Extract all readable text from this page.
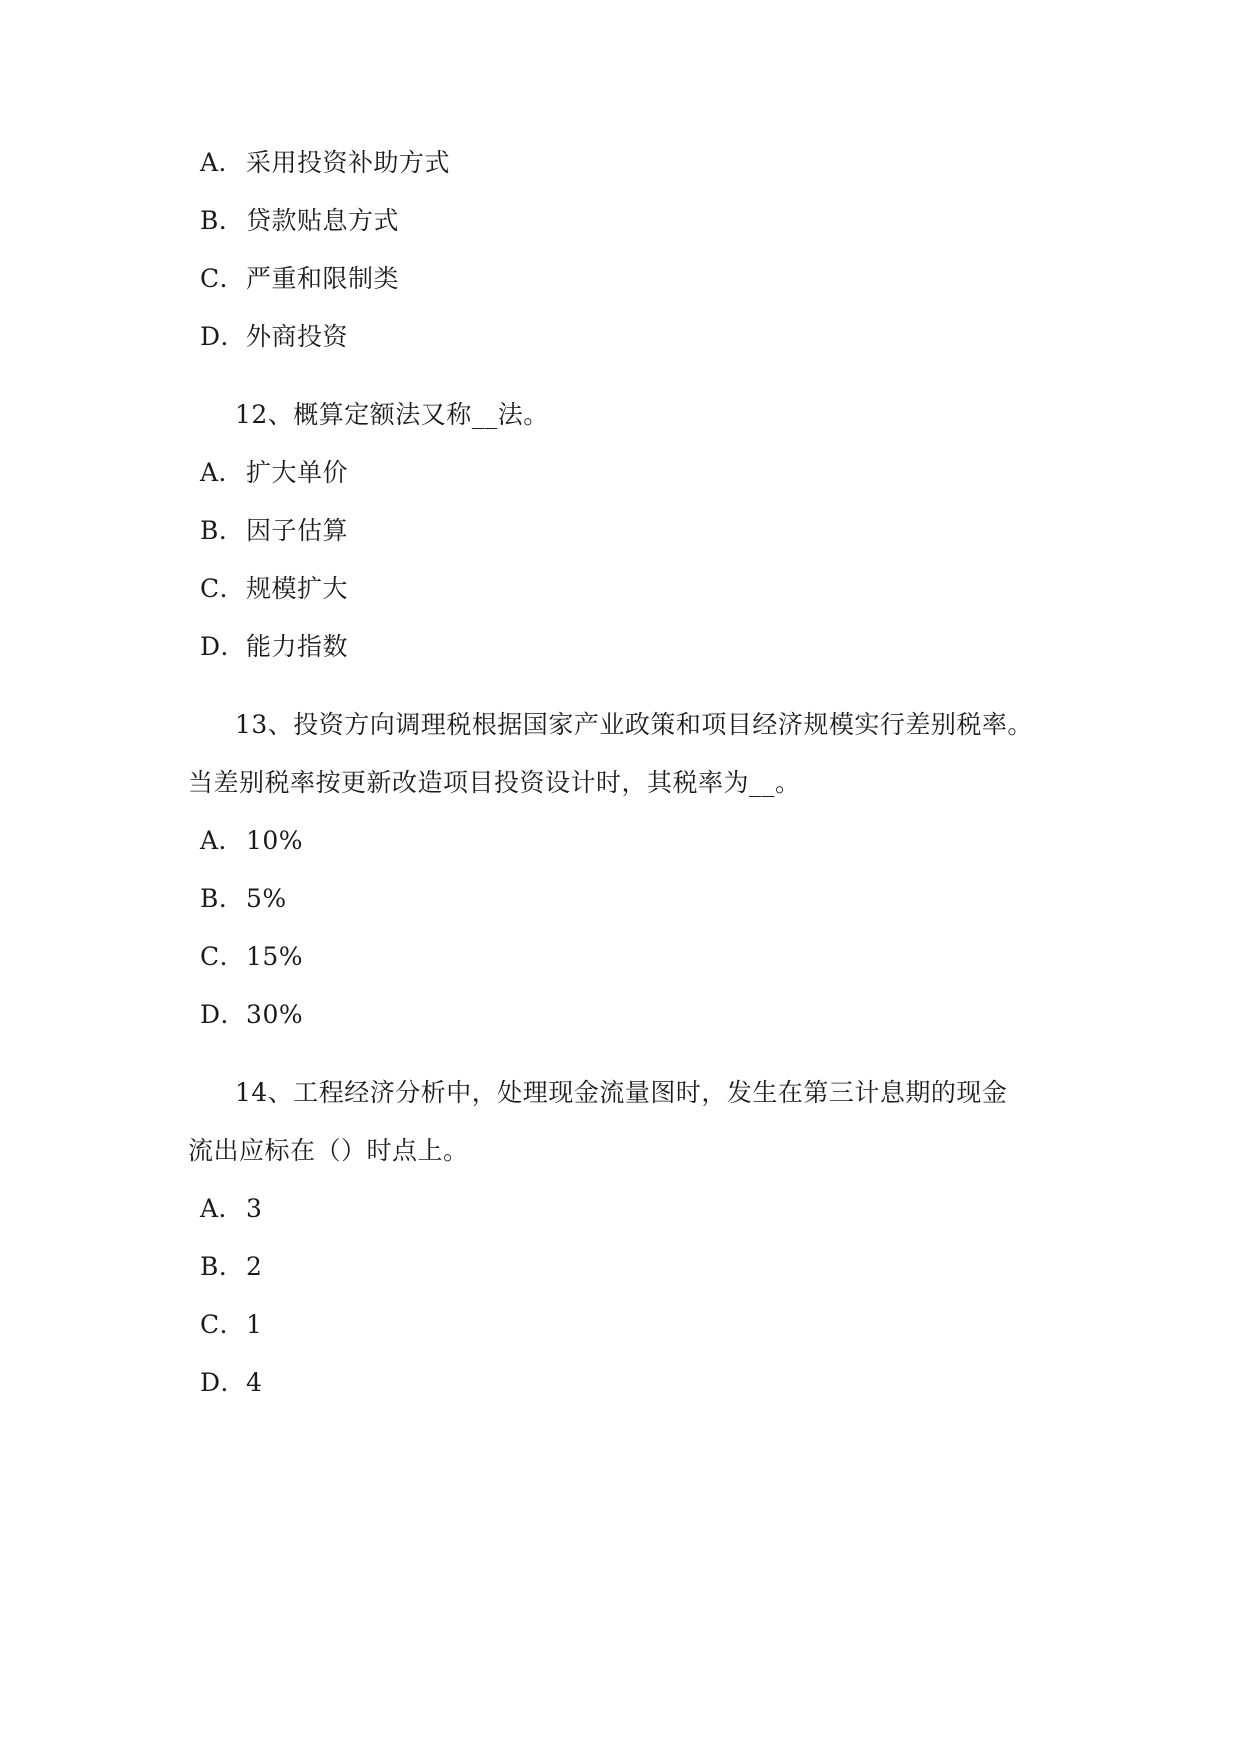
A．采用投资补助方式
B．贷款贴息方式
C．严重和限制类
D．外商投资
12、概算定额法又称__法。
A．扩大单价
B．因子估算
C．规模扩大
D．能力指数
13、投资方向调理税根据国家产业政策和项目经济规模实行差别税率。
当差别税率按更新改造项目投资设计时，其税率为__。
A．10%
B．5%
C．15%
D．30%
14、工程经济分析中，处理现金流量图时，发生在第三计息期的现金
流出应标在（）时点上。
A．3
B．2
C．1
D．4
